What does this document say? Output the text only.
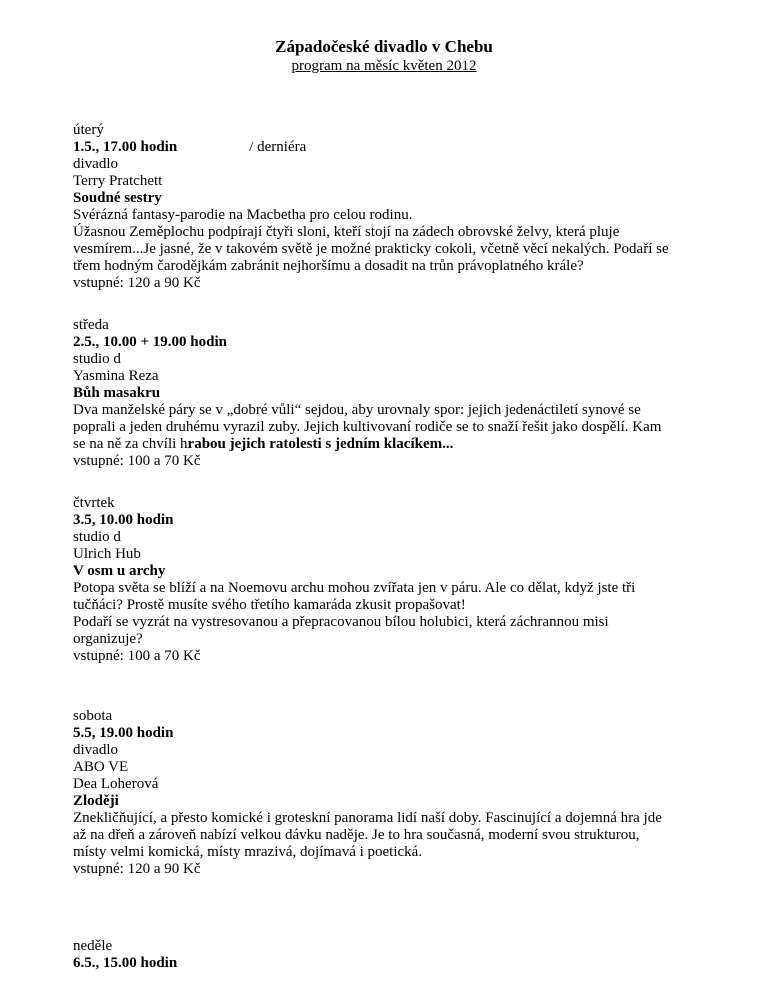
Západočeské divadlo v Chebu
program na měsíc květen 2012
úterý
1.5., 17.00 hodin	/ derniéra
divadlo
Terry Pratchett
Soudné sestry
Svérázná fantasy-parodie na Macbetha pro celou rodinu.
Úžasnou Zeměplochu podpírají čtyři sloni, kteří stojí na zádech obrovské želvy, která pluje
vesmírem...Je jasné, že v takovém světě je možné prakticky cokoli, včetně věcí nekalých. Podaří se
třem hodným čarodějkám zabránit nejhoršímu a dosadit na trůn právoplatného krále?
vstupné: 120 a 90 Kč
středa
2.5., 10.00 + 19.00 hodin
studio d
Yasmina Reza
Bůh masakru
Dva manželské páry se v „dobré vůli“ sejdou, aby urovnaly spor: jejich jedenáctiletí synové se
poprali a jeden druhému vyrazil zuby. Jejich kultivovaní rodiče se to snaží řešit jako dospělí. Kam
se na ně za chvíli hrabou jejich ratolesti s jedním klacíkem...
vstupné: 100 a 70 Kč
čtvrtek
3.5, 10.00 hodin
studio d
Ulrich Hub
V osm u archy
Potopa světa se blíží a na Noemovu archu mohou zvířata jen v páru. Ale co dělat, když jste tři
tučňáci? Prostě musíte svého třetího kamaráda zkusit propašovat!
Podaří se vyzrát na vystresovanou a přepracovanou bílou holubici, která záchrannou misi
organizuje?
vstupné: 100 a 70 Kč
sobota
5.5, 19.00 hodin
divadlo
ABO VE
Dea Loherová
Zloději
Znekličňující, a přesto komické i groteskní panorama lidí naší doby. Fascinující a dojemná hra jde
až na dřeň a zároveň nabízí velkou dávku naděje. Je to hra současná, moderní svou strukturou,
místy velmi komická, místy mrazivá, dojímavá i poetická.
vstupné: 120 a 90 Kč
neděle
6.5., 15.00 hodin
